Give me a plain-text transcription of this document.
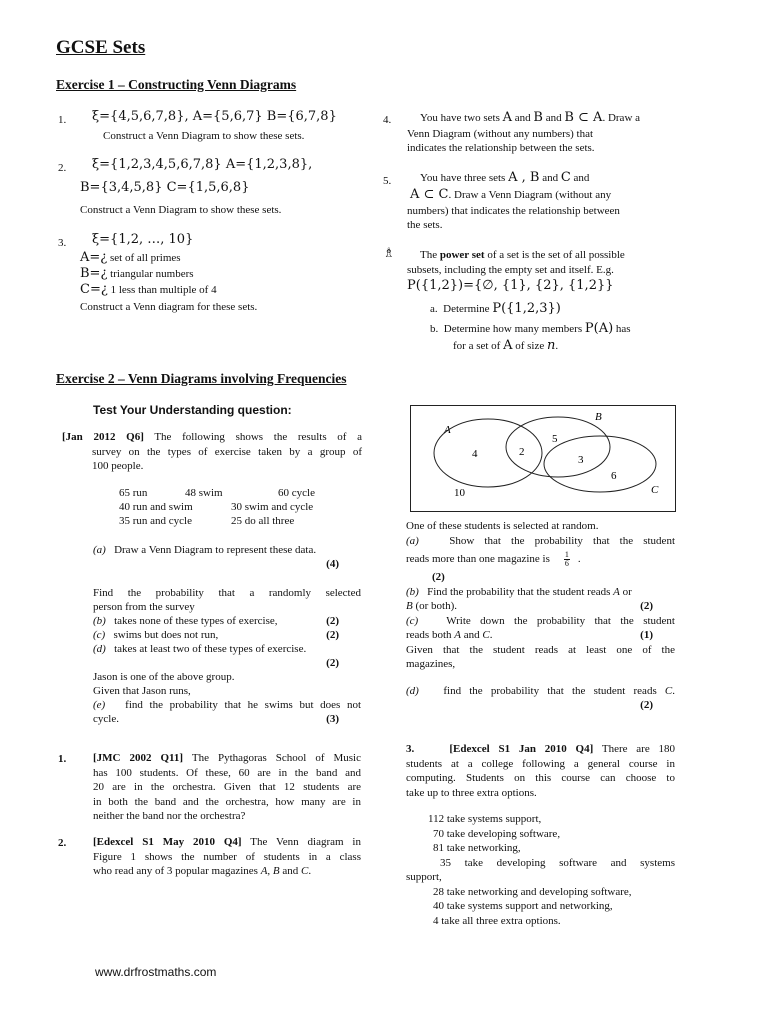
GCSE Sets
Exercise 1 – Constructing Venn Diagrams
1. ξ={4,5,6,7,8}, A={5,6,7} B={6,7,8}
Construct a Venn Diagram to show these sets.
2. ξ={1,2,3,4,5,6,7,8} A={1,2,3,8},
B={3,4,5,8} C={1,5,6,8}
Construct a Venn Diagram to show these sets.
3. ξ={1,2, …, 10}
A=¿ set of all primes
B=¿ triangular numbers
C=¿ 1 less than multiple of 4
Construct a Venn diagram for these sets.
4.	You have two sets A and B and B ⊂ A. Draw a
Venn Diagram (without any numbers) that
indicates the relationship between the sets.
5.	You have three sets A , B and C and
A ⊂ C. Draw a Venn Diagram (without any
numbers) that indicates the relationship between
the sets.
♗ The power set of a set is the set of all possible
subsets, including the empty set and itself. E.g.
P({1,2})={∅, {1}, {2}, {1,2}}
a. Determine P({1,2,3})
b. Determine how many members P(A) has
for a set of A of size n.
Exercise 2 – Venn Diagrams involving Frequencies
Test Your Understanding question:
[Jan 2012 Q6] The following shows the results of a
survey on the types of exercise taken by a group of
100 people.
65 run	48 swim	60 cycle
40 run and swim	30 swim and cycle
35 run and cycle	25 do all three
(a) Draw a Venn Diagram to represent these data.
(4)
Find the probability that a randomly selected
person from the survey
(b) takes none of these types of exercise,	(2)
(c) swims but does not run,	(2)
(d) takes at least two of these types of exercise.
(2)
Jason is one of the above group.
Given that Jason runs,
(e) find the probability that he swims but does not
cycle.	(3)
1. [JMC 2002 Q11] The Pythagoras School of Music
has 100 students. Of these, 60 are in the band and
20 are in the orchestra. Given that 12 students are
in both the band and the orchestra, how many are in
neither the band nor the orchestra?
2. [Edexcel S1 May 2010 Q4] The Venn diagram in
Figure 1 shows the number of students in a class
who read any of 3 popular magazines A, B and C.
A
B
C
4	2
5
3
6
10
One of these students is selected at random.
(a)	Show that the probability that the student
reads more than one magazine is 1
6 .
(2)
(b) Find the probability that the student reads A or
B (or both).	(2)
(c)	Write down the probability that the student
reads both A and C.	(1)
Given that the student reads at least one of the
magazines,
(d) find the probability that the student reads C.
(2)
3.	[Edexcel S1 Jan 2010 Q4] There are 180
students at a college following a general course in
computing. Students on this course can choose to
take up to three extra options.
112 take systems support,
70 take developing software,
81 take networking,
35 take developing software and systems
support,
28 take networking and developing software,
40 take systems support and networking,
4 take all three extra options.
www.drfrostmaths.com
